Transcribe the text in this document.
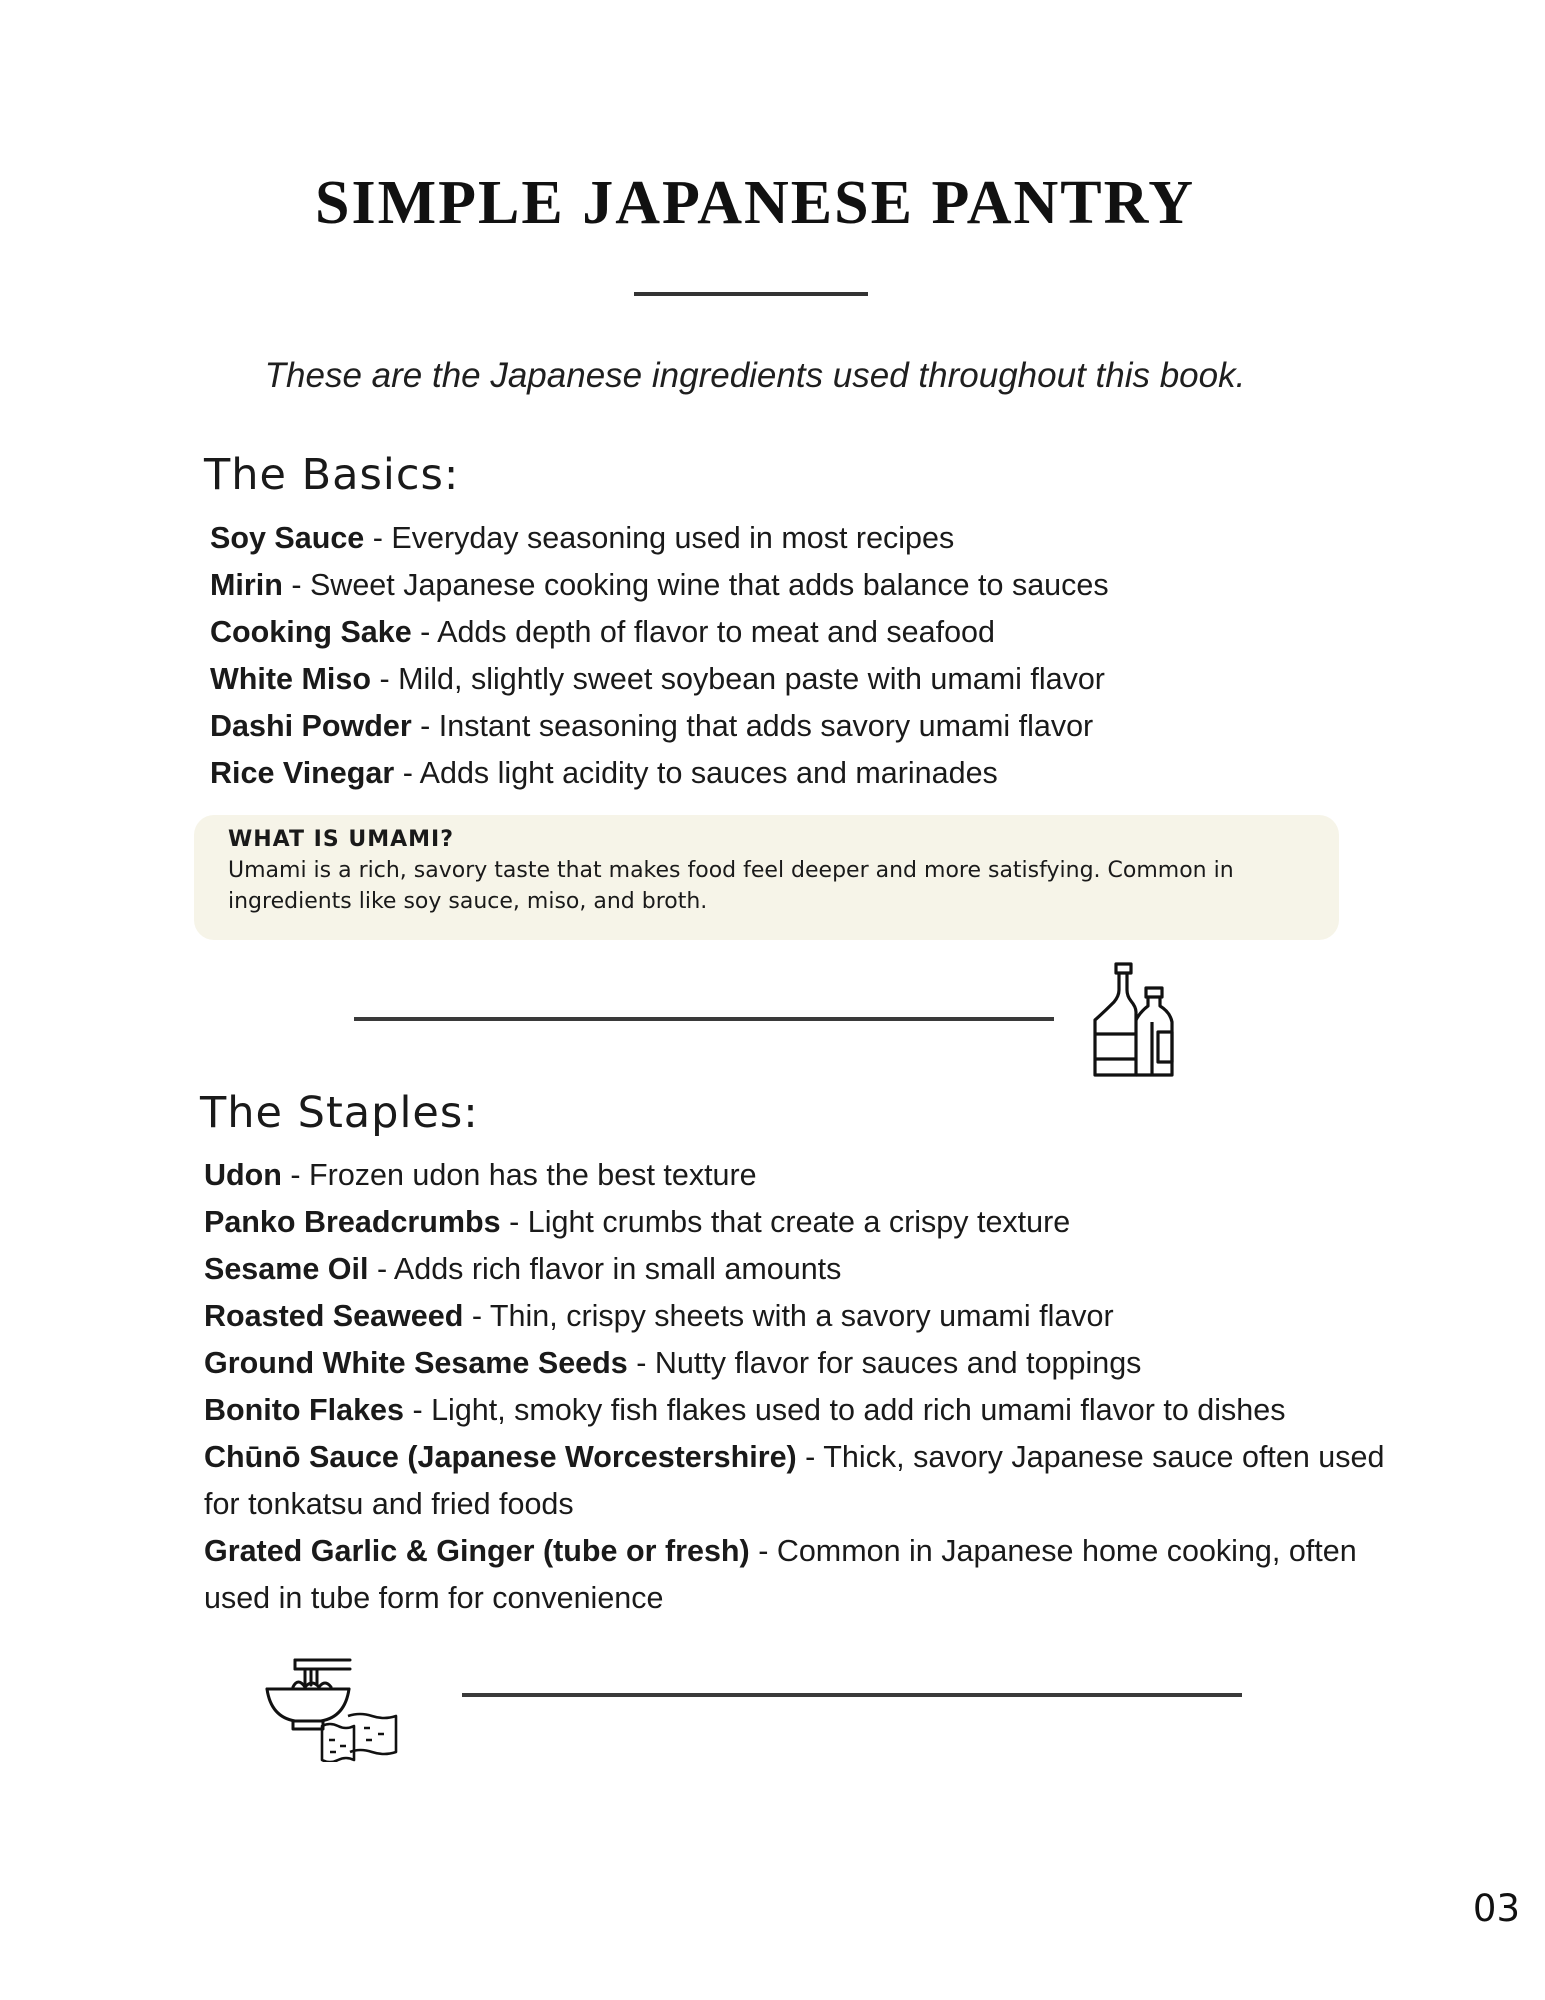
SIMPLE JAPANESE PANTRY

These are the Japanese ingredients used throughout this book.

The Basics:
Soy Sauce - Everyday seasoning used in most recipes
Mirin - Sweet Japanese cooking wine that adds balance to sauces
Cooking Sake - Adds depth of flavor to meat and seafood
White Miso - Mild, slightly sweet soybean paste with umami flavor
Dashi Powder - Instant seasoning that adds savory umami flavor
Rice Vinegar - Adds light acidity to sauces and marinades

WHAT IS UMAMI?

Umami is a rich, savory taste that makes food feel deeper and more satisfying. Common in ingredients like soy sauce, miso, and broth.

The Staples:
Udon - Frozen udon has the best texture
Panko Breadcrumbs - Light crumbs that create a crispy texture
Sesame Oil - Adds rich flavor in small amounts
Roasted Seaweed - Thin, crispy sheets with a savory umami flavor
Ground White Sesame Seeds - Nutty flavor for sauces and toppings
Bonito Flakes - Light, smoky fish flakes used to add rich umami flavor to dishes
Chūnō Sauce (Japanese Worcestershire) - Thick, savory Japanese sauce often used for tonkatsu and fried foods
Grated Garlic & Ginger (tube or fresh) - Common in Japanese home cooking, often used in tube form for convenience
03
